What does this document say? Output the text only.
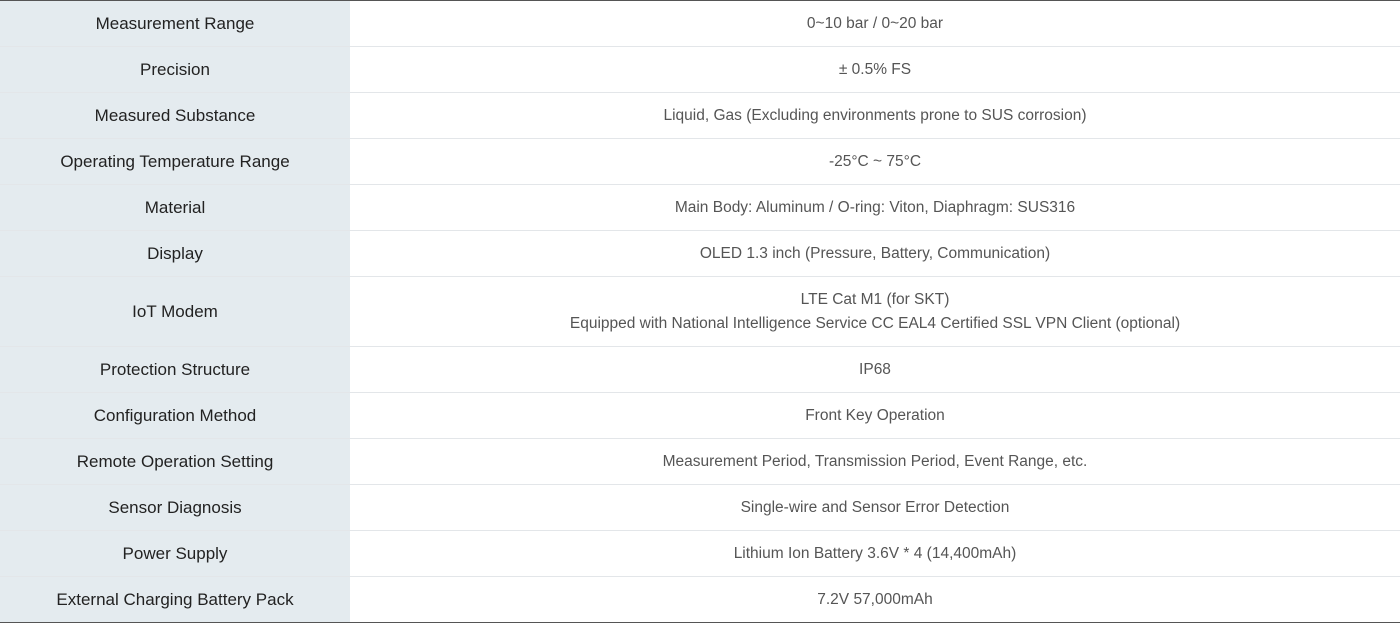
Measurement Range	0~10 bar / 0~20 bar
Precision	± 0.5% FS
Measured Substance	Liquid, Gas (Excluding environments prone to SUS corrosion)
Operating Temperature Range	-25°C ~ 75°C
Material	Main Body: Aluminum / O-ring: Viton, Diaphragm: SUS316
Display	OLED 1.3 inch (Pressure, Battery, Communication)
IoT Modem	LTE Cat M1 (for SKT)
Equipped with National Intelligence Service CC EAL4 Certified SSL VPN Client (optional)

Protection Structure	IP68
Configuration Method	Front Key Operation
Remote Operation Setting	Measurement Period, Transmission Period, Event Range, etc.
Sensor Diagnosis	Single-wire and Sensor Error Detection
Power Supply	Lithium Ion Battery 3.6V * 4 (14,400mAh)
External Charging Battery Pack	7.2V 57,000mAh
